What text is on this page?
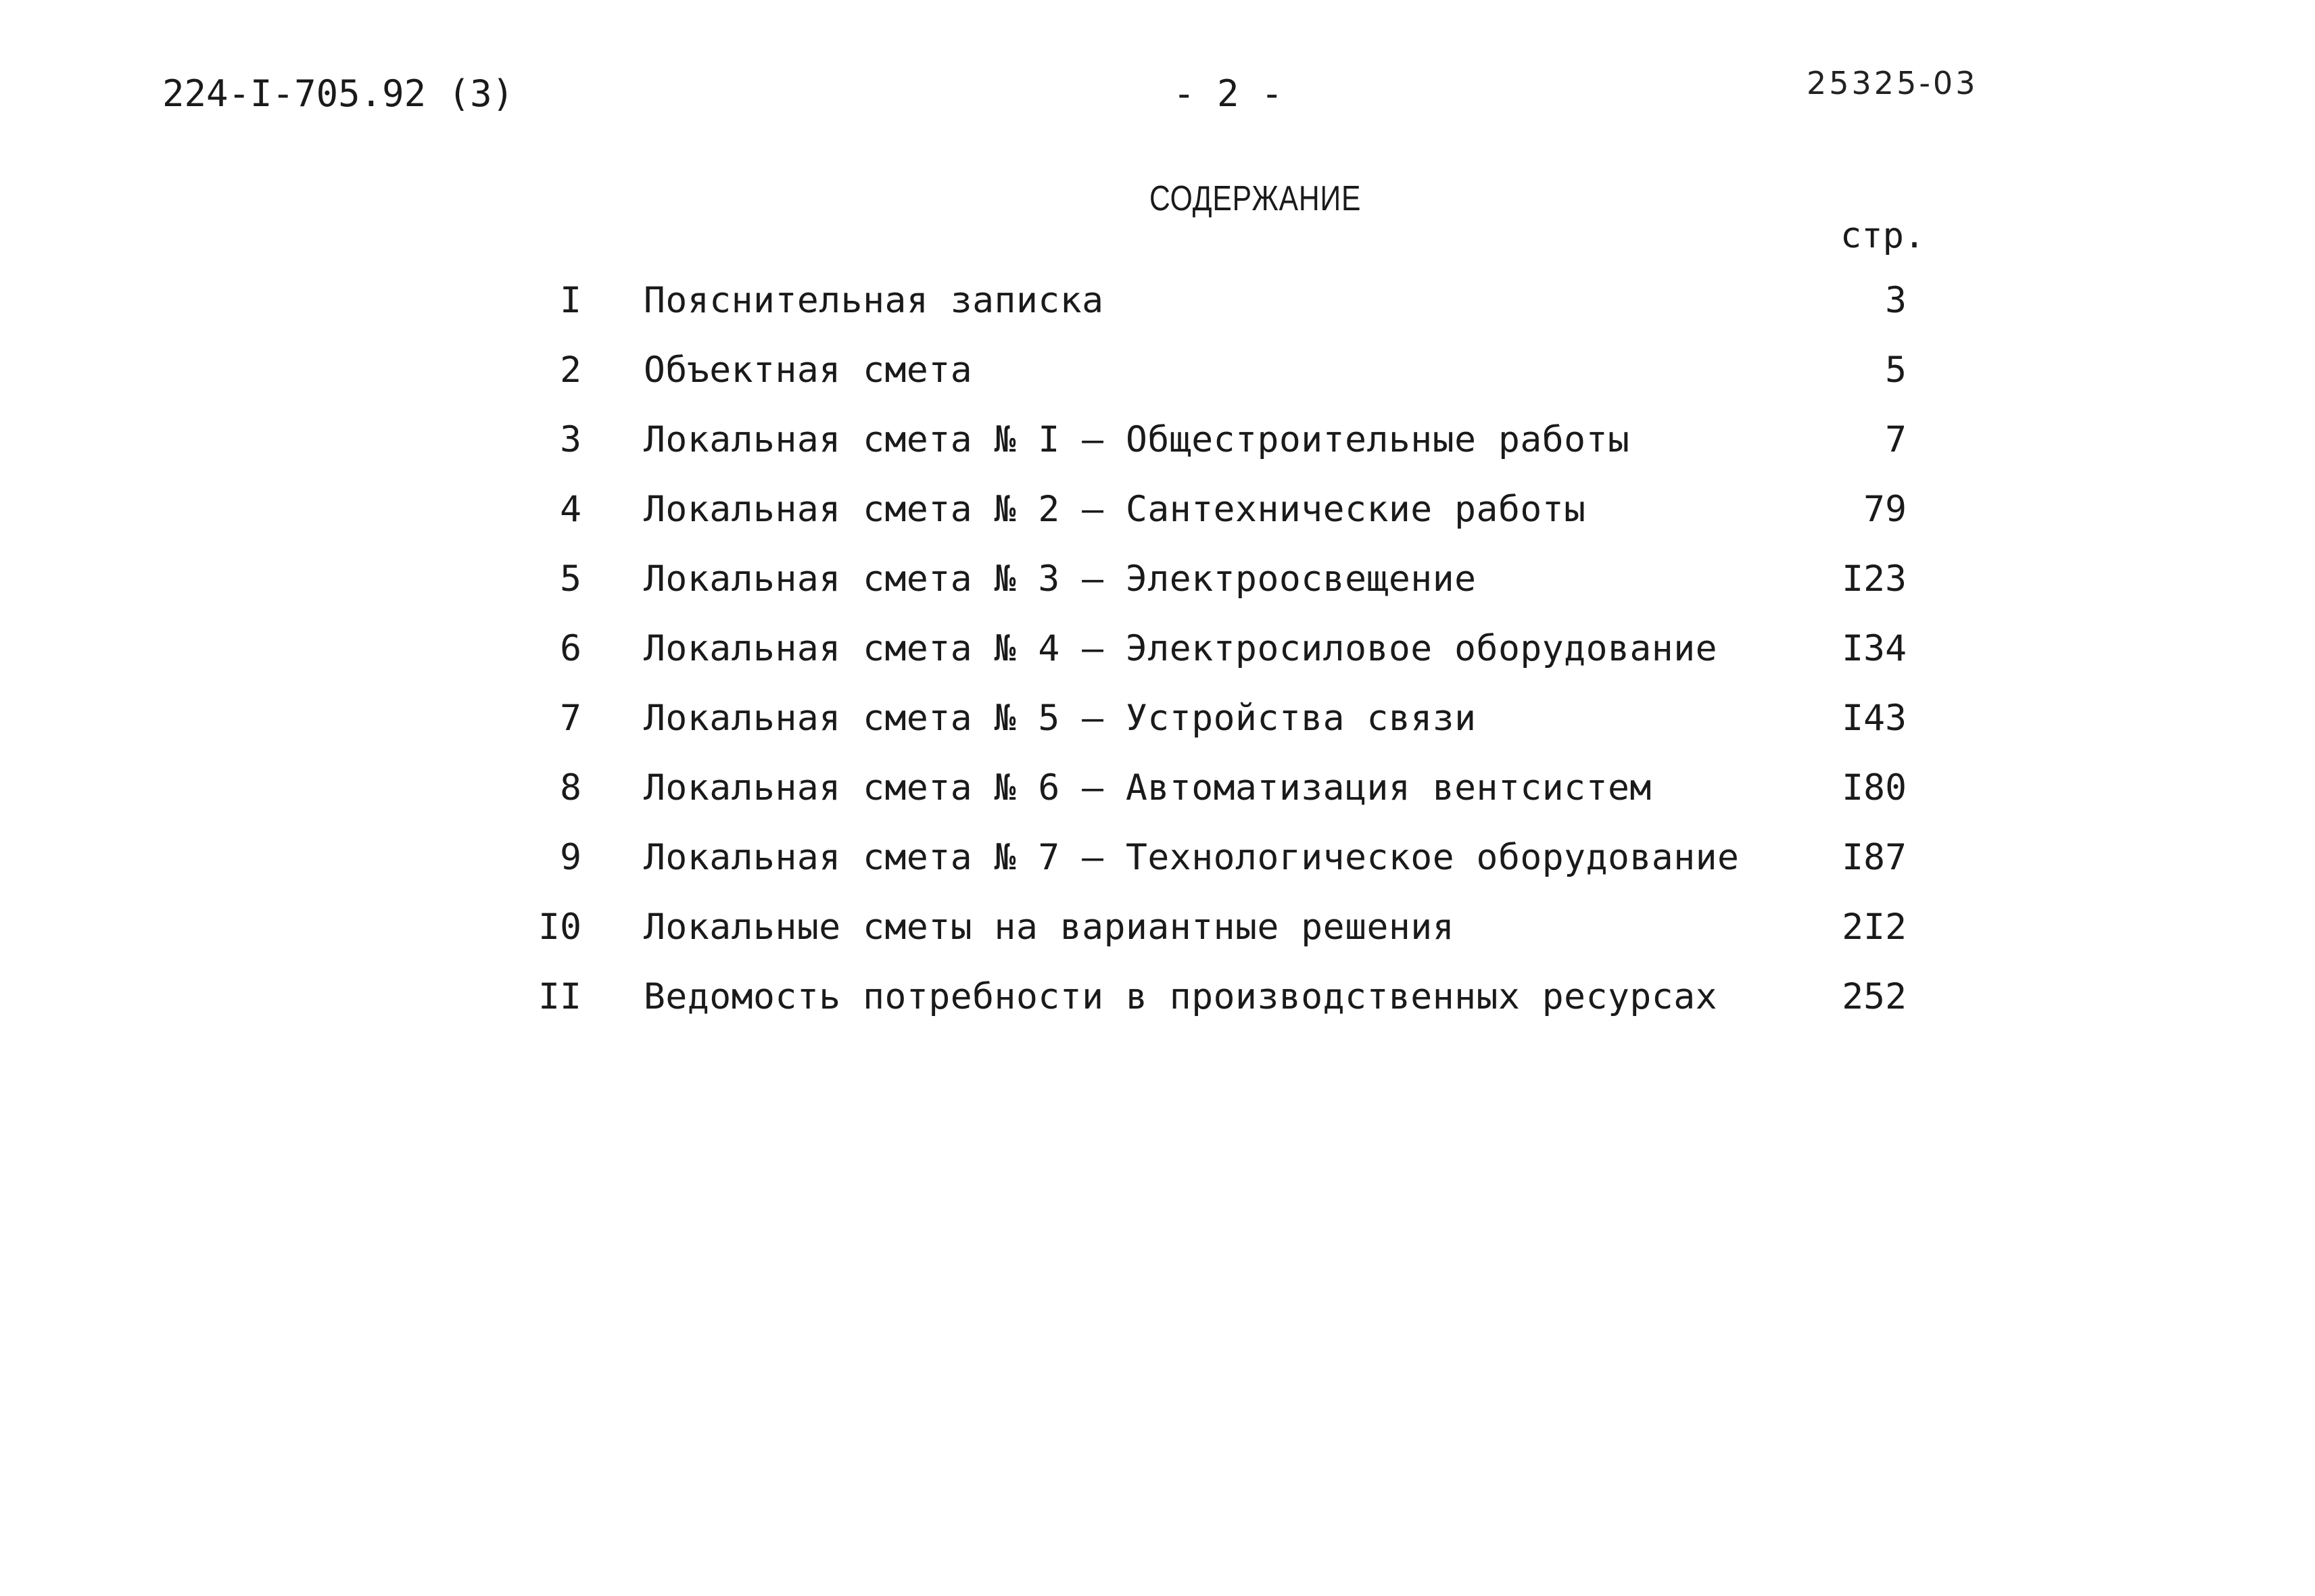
224-I-705.92 (3)	- 2 -	25325-03
СОДЕРЖАНИЕ
стр.
I Пояснительная записка	3
2 Объектная смета	5
3 Локальная смета № I – Общестроительные работы	7
4 Локальная смета № 2 – Сантехнические работы	79
5 Локальная смета № 3 – Электроосвещение	I23
6 Локальная смета № 4 – Электросиловое оборудование	I34
7 Локальная смета № 5 – Устройства связи	I43
8 Локальная смета № 6 – Автоматизация вентсистем	I80
9 Локальная смета № 7 – Технологическое оборудование	I87
I0 Локальные сметы на вариантные решения	2I2
II Ведомость потребности в производственных ресурсах	252
